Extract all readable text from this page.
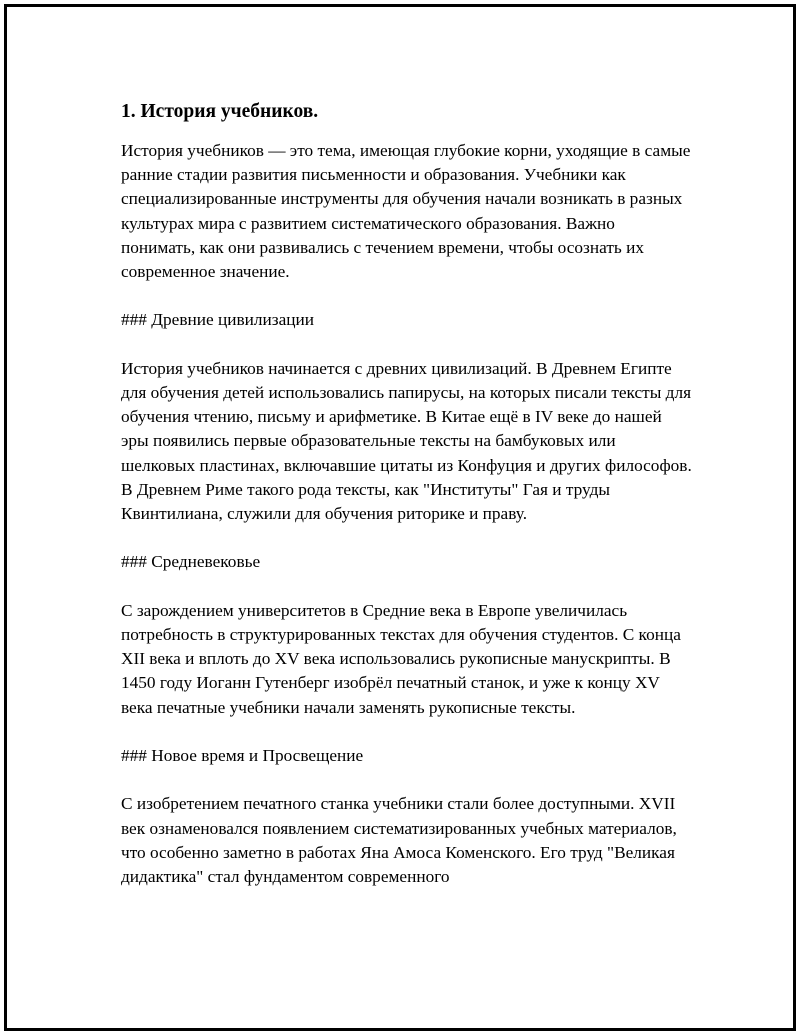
1. История учебников.

История учебников — это тема, имеющая глубокие корни, уходящие в самые ранние стадии развития письменности и образования. Учебники как специализированные инструменты для обучения начали возникать в разных культурах мира с развитием систематического образования. Важно понимать, как они развивались с течением времени, чтобы осознать их современное значение.

### Древние цивилизации

История учебников начинается с древних цивилизаций. В Древнем Египте для обучения детей использовались папирусы, на которых писали тексты для обучения чтению, письму и арифметике. В Китае ещё в IV веке до нашей эры появились первые образовательные тексты на бамбуковых или шелковых пластинах, включавшие цитаты из Конфуция и других философов. В Древнем Риме такого рода тексты, как "Институты" Гая и труды Квинтилиана, служили для обучения риторике и праву.

### Средневековье

С зарождением университетов в Средние века в Европе увеличилась потребность в структурированных текстах для обучения студентов. С конца XII века и вплоть до XV века использовались рукописные манускрипты. В 1450 году Иоганн Гутенберг изобрёл печатный станок, и уже к концу XV века печатные учебники начали заменять рукописные тексты.

### Новое время и Просвещение

С изобретением печатного станка учебники стали более доступными. XVII век ознаменовался появлением систематизированных учебных материалов, что особенно заметно в работах Яна Амоса Коменского. Его труд "Великая дидактика" стал фундаментом современного
